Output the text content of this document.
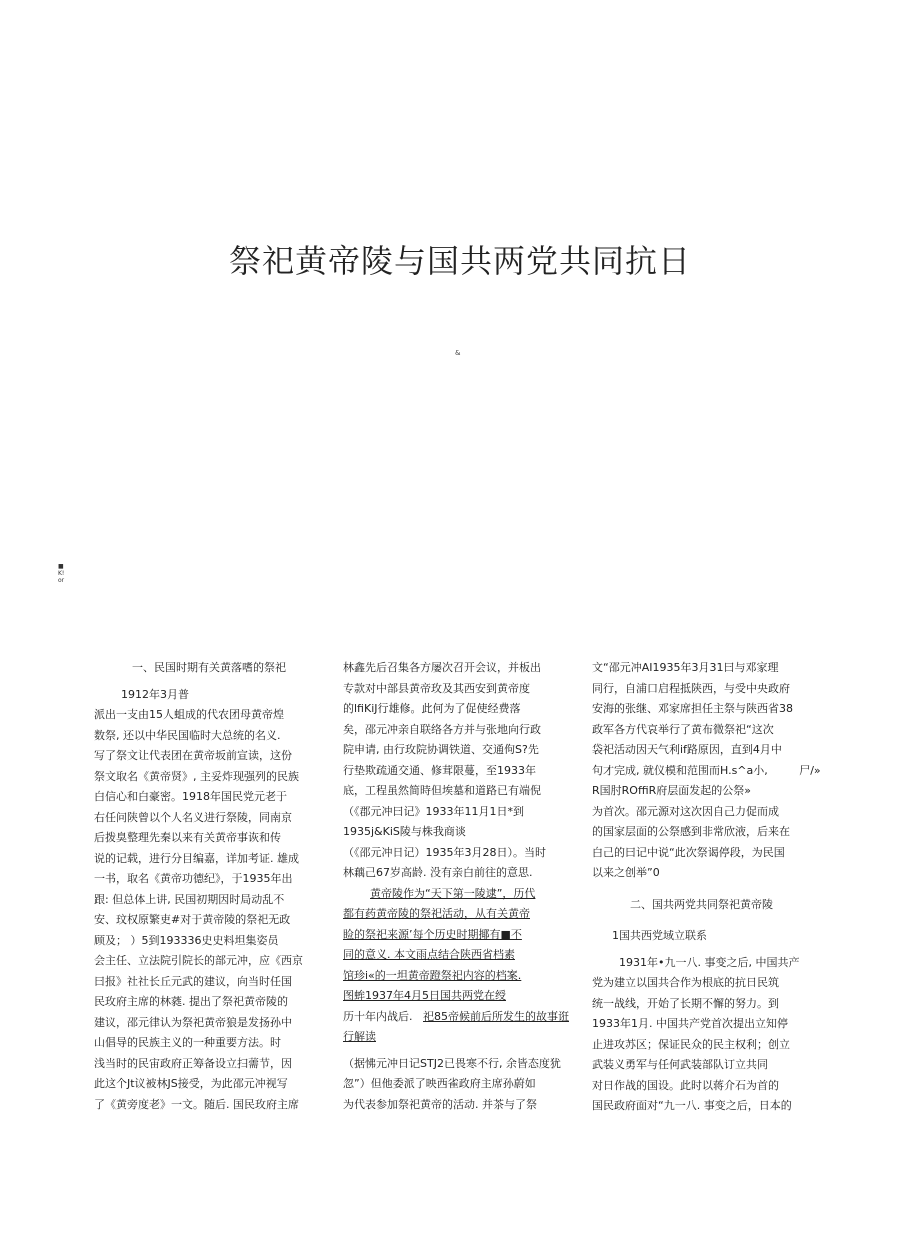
祭祀黄帝陵与国共两党共同抗日
&
■K!or

一、民国时期有关黄落嗜的祭祀

1912年3月普

派出一支由15人蛆成的代农团母黄帝煌

数祭, 还以中华民国临时大总统的名义.

写了祭文让代表团在黄帝坂前宣读，这份

祭文取名《黄帝贤》, 主妥炸现强列的民族

白信心和白豪密。1918年国民党元老于

右任问陕曾以个人名义进行祭陵，同南京

后拨臭整理先秦以来有关黄帝事诙和传

说的记载，进行分目编嘉，详加考证. 雄成

一书，取名《黄帝功德纪》，于1935年出

跟: 但总体上讲, 民国初期因时局动乱不

安、玟权原繁吏#对于黄帝陵的祭祀无政

顾及； ）5到193336史史料坦集姿员

会主任、立法院引院长的部元冲，应《西京

曰报》社社长丘元武的建议，向当时任国

民玫府主席的林蕤. 提出了祭祀黄帝陵的

建议，邵元律认为祭祀黄帝狼是发扬孙中

山倡导的民族主义的一种重要方法。时

浅当时的民宙政府正筹备设立扫薷节，因

此这个Jt议被林JS接受，为此邵元冲视写

了《黄旁度老》一文。随后. 国民玫府主席

林鑫先后召集各方屡次召开会议，并板出

专款对中部县黄帝玫及其西安到黄帝度

的lfiKiJ行雄修。此何为了促使经费落

矣，邵元冲亲自联络各方并与张地向行政

院申请, 由行玫院协调铁道、交通佝S?先

行垫欺疏通交通、修茸限蔓，至1933年

底，工程虽然简時但埃墓和道路已有端倪

（《郡元冲曰记》1933年11月1日*到

1935j&KiS陵与株我商谈

（《邵元冲日记）1935年3月28日）。当时

林藕己67岁高龄. 没有亲白前往的意思.

黄帝陵作为“天下第一陵逮”，历代

都有药黄帝陵的祭祀活动，从有关黄帝

睑的祭祀来源’每个历史时期揶有■不

同的意义. 本文雨点结合陕西省档素

馆珍i«的一坦黄帝蹬祭祀内容的档案.

图蛑1937年4月5日国共两党在绶

历十年内战后. 祀85帝候前后所发生的故事诳

行解读

（据怫元冲日记STJ2已畏寒不行, 余皆态度犹

忽”）但他委派了映西雀政府主席孙蔚如

为代表参加祭祀黄帝的活动. 并茶与了祭

文“邵元冲AI1935年3月31曰与邓家理

同行，自浦口启程抵陕西，与受中央政府

安海的张继、邓家席担任主祭与陕西省38

政军各方代哀举行了黄布微祭祀“这次

袋祀活动因天气利if路原因，直到4月中

句才完成, 就仪模和范围而H.s^a小,         尸/»

R国肘ROffiR府层面发起的公祭»

为首次。邵元源对这次因自己力促而成

的国家层面的公祭感到非常欣液，后来在

白己的曰记中说“此次祭谒停段，为民国

以来之创举”0

二、国共两党共同祭祀黄帝陵

1国共西党域立联系

1931年•九一八. 事变之后, 中国共产

党为建立以国共合作为根底的抗日民筑

统一战线，开始了长期不懈的努力。到

1933年1月. 中国共产党首次提出立知停

止进攻苏区；保证民众的民主权利；创立

武装义勇军与任何武装部队订立共同

对日作战的国设。此时以蒋介石为首的

国民政府面对“九一八. 事变之后，日本的
